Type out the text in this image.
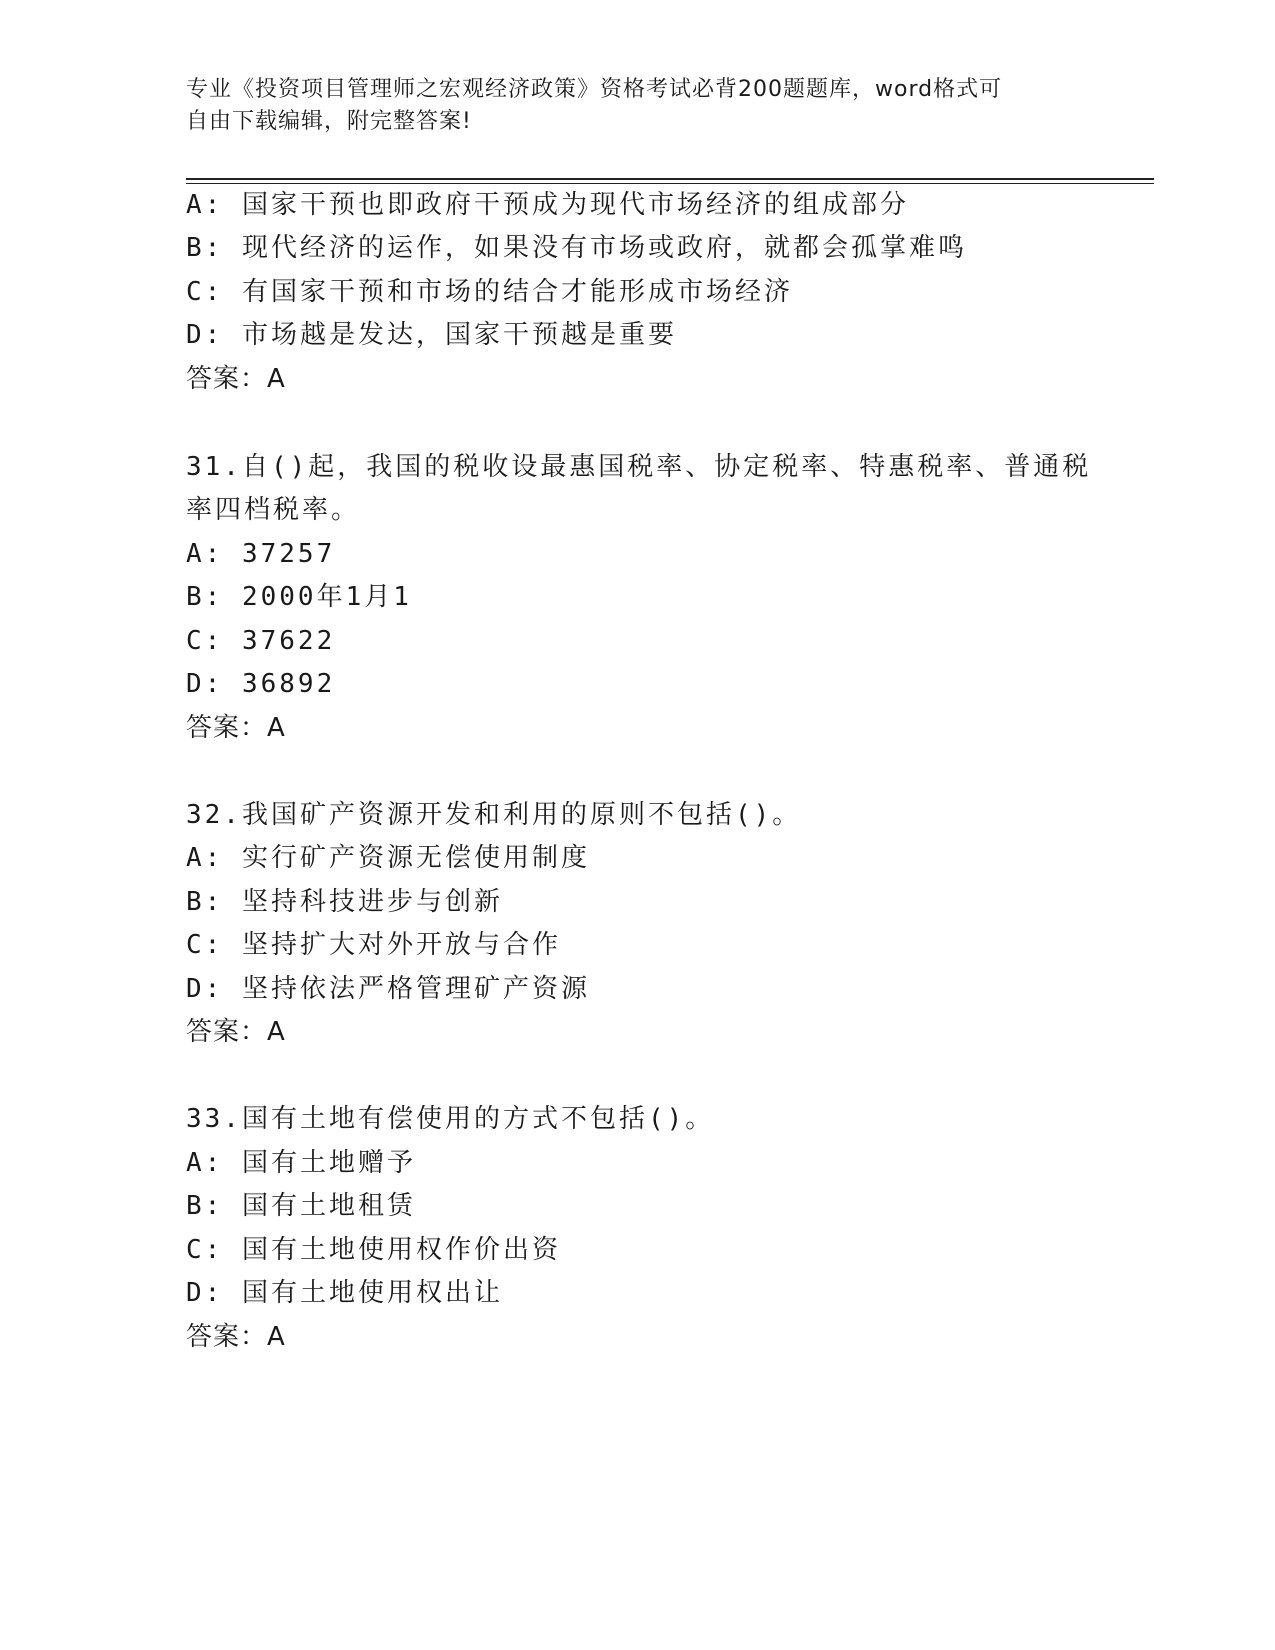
专业《投资项目管理师之宏观经济政策》资格考试必背200题题库，word格式可
自由下载编辑，附完整答案!
A: 国家干预也即政府干预成为现代市场经济的组成部分
B: 现代经济的运作，如果没有市场或政府，就都会孤掌难鸣
C: 有国家干预和市场的结合才能形成市场经济
D: 市场越是发达，国家干预越是重要
答案：A
31.自()起，我国的税收设最惠国税率、协定税率、特惠税率、普通税
率四档税率。
A: 37257
B: 2000年1月1
C: 37622
D: 36892
答案：A
32.我国矿产资源开发和利用的原则不包括()。
A: 实行矿产资源无偿使用制度
B: 坚持科技进步与创新
C: 坚持扩大对外开放与合作
D: 坚持依法严格管理矿产资源
答案：A
33.国有土地有偿使用的方式不包括()。
A: 国有土地赠予
B: 国有土地租赁
C: 国有土地使用权作价出资
D: 国有土地使用权出让
答案：A
